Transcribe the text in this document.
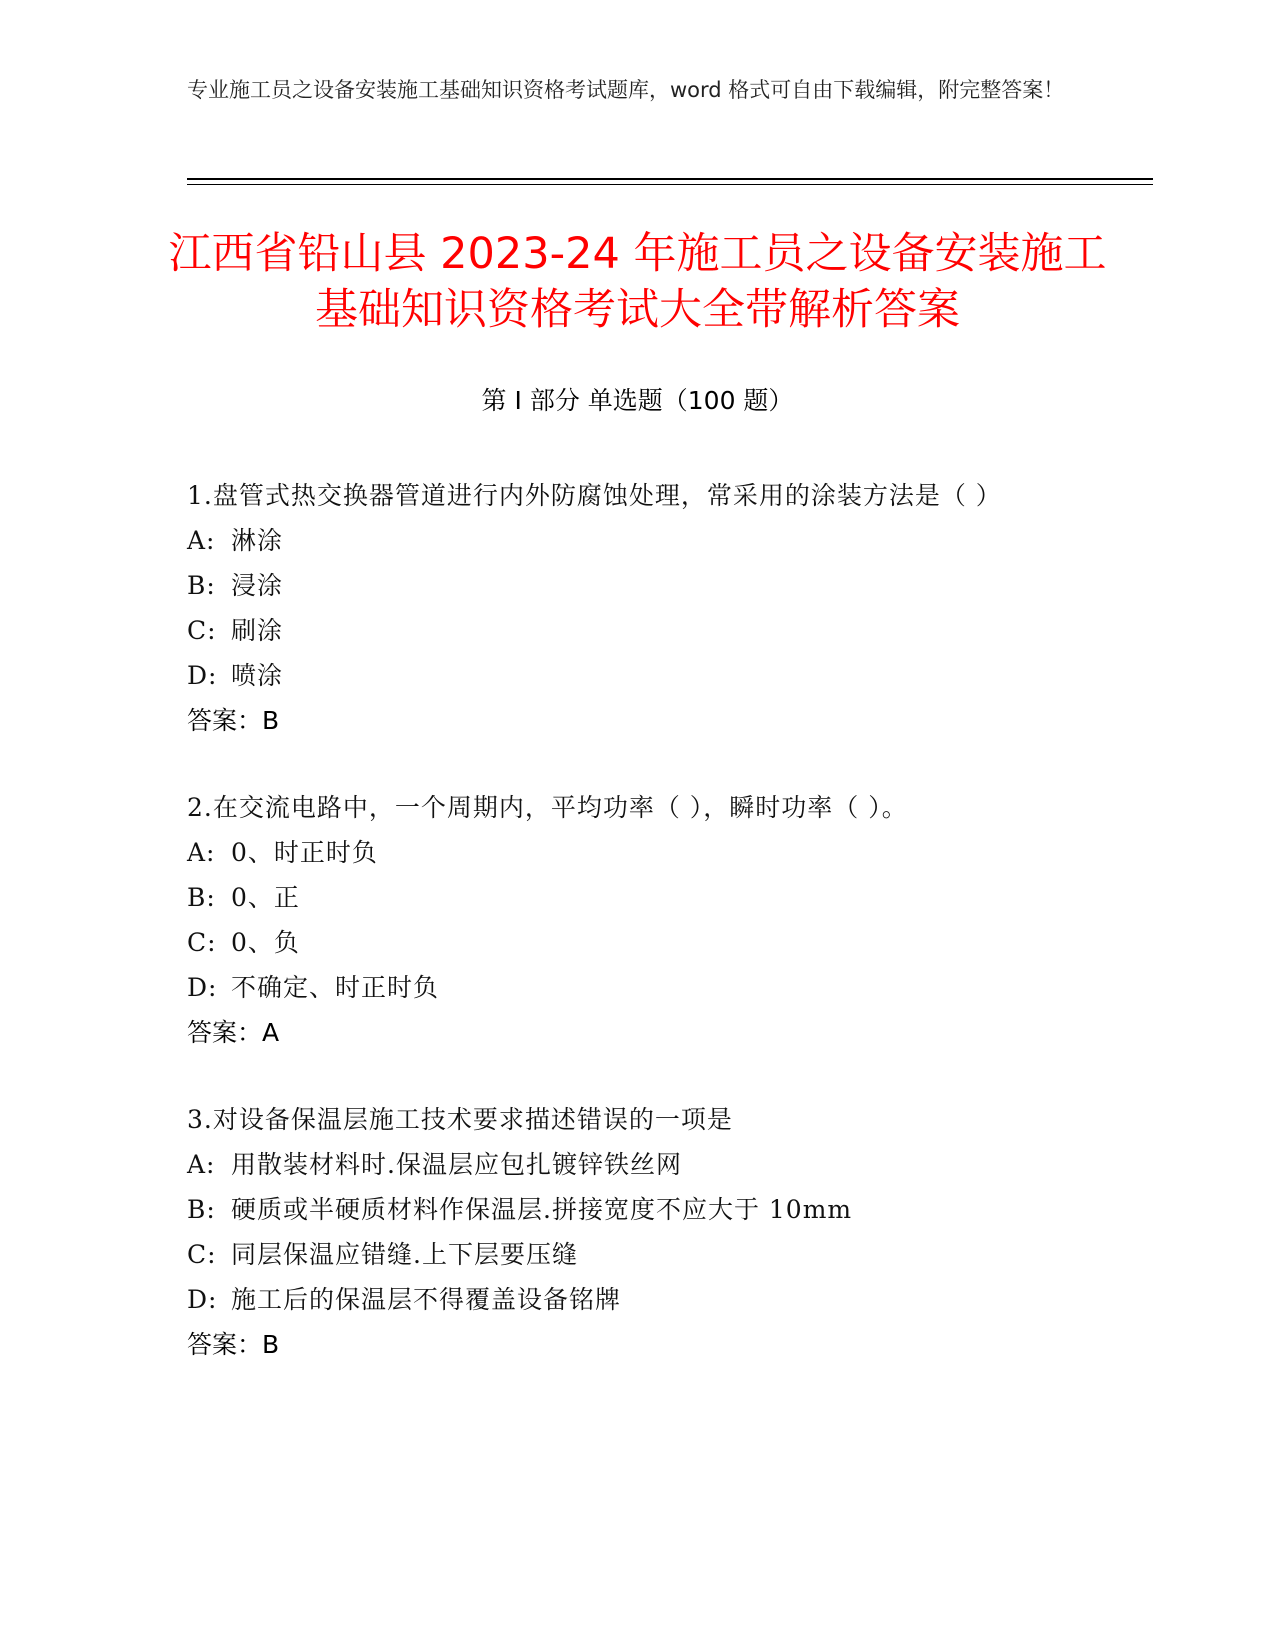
专业施工员之设备安装施工基础知识资格考试题库，word 格式可自由下载编辑，附完整答案！
江西省铅山县 2023-24 年施工员之设备安装施工基础知识资格考试大全带解析答案
第 I 部分 单选题（100 题）
1.盘管式热交换器管道进行内外防腐蚀处理，常采用的涂装方法是（ ）
A: 淋涂
B: 浸涂
C: 刷涂
D: 喷涂
答案：B
2.在交流电路中，一个周期内，平均功率（ ），瞬时功率（ ）。
A: 0、时正时负
B: 0、正
C: 0、负
D: 不确定、时正时负
答案：A
3.对设备保温层施工技术要求描述错误的一项是
A: 用散装材料时.保温层应包扎镀锌铁丝网
B: 硬质或半硬质材料作保温层.拼接宽度不应大于 10mm
C: 同层保温应错缝.上下层要压缝
D: 施工后的保温层不得覆盖设备铭牌
答案：B
